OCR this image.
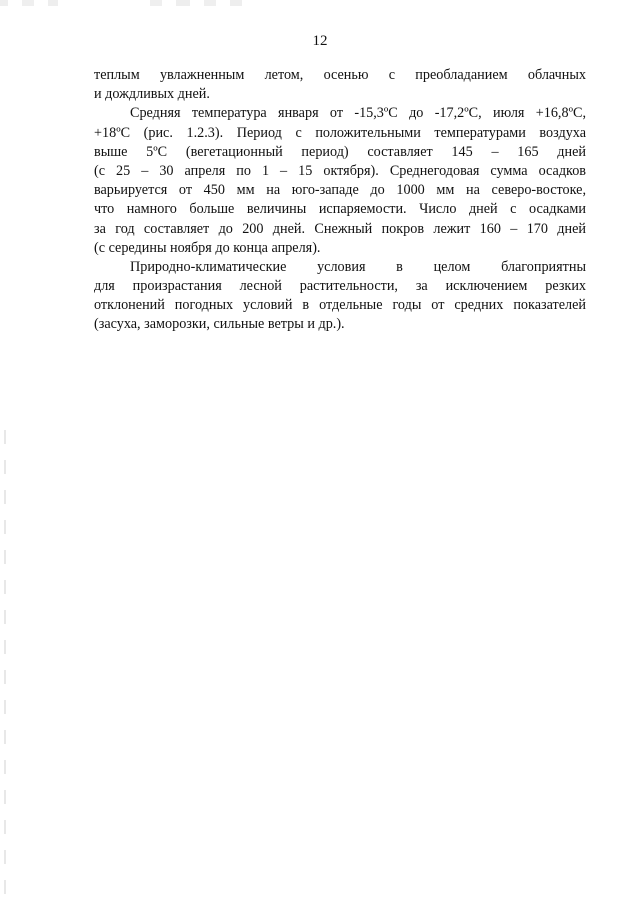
12
теплым увлажненным летом, осенью с преобладанием облачных
и дождливых дней.
Средняя температура января от -15,3ºС до -17,2ºС, июля +16,8ºС,
+18ºС (рис. 1.2.3). Период с положительными температурами воздуха
выше 5ºС (вегетационный период) составляет 145 – 165 дней
(с 25 – 30 апреля по 1 – 15 октября). Среднегодовая сумма осадков
варьируется от 450 мм на юго-западе до 1000 мм на северо-востоке,
что намного больше величины испаряемости. Число дней с осадками
за год составляет до 200 дней. Снежный покров лежит 160 – 170 дней
(с середины ноября до конца апреля).
Природно-климатические условия в целом благоприятны
для произрастания лесной растительности, за исключением резких
отклонений погодных условий в отдельные годы от средних показателей
(засуха, заморозки, сильные ветры и др.).
